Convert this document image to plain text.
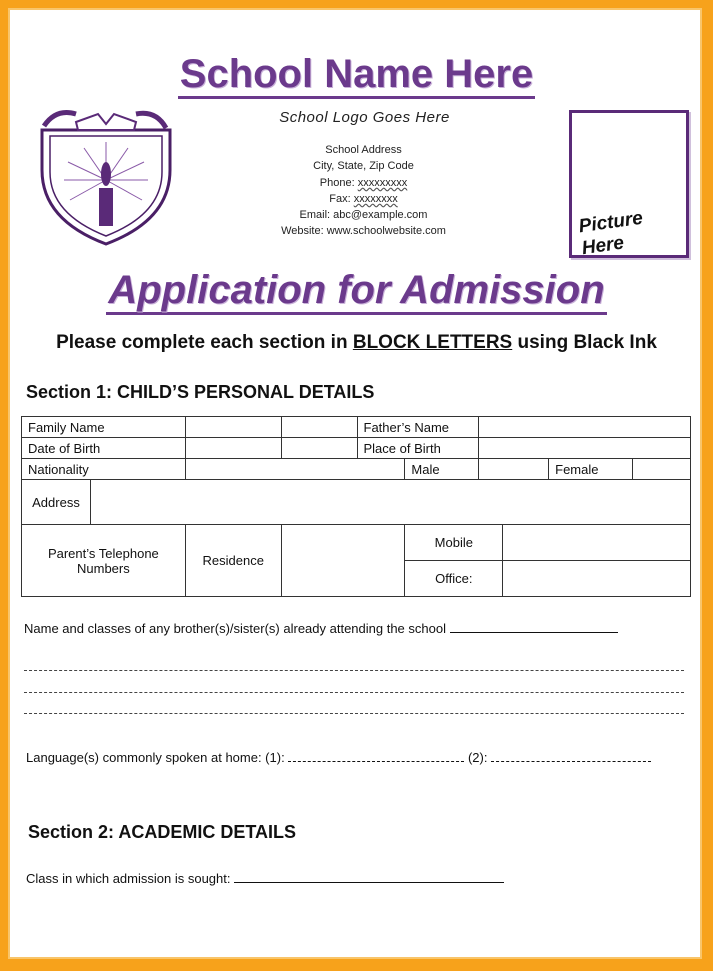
School Name Here
School Logo Goes Here
School Address
City, State, Zip Code
Phone: xxxxxxxxx
Fax: xxxxxxxx
Email: abc@example.com
Website: www.schoolwebsite.com	Picture Here
Application for Admission
Please complete each section in BLOCK LETTERS using Black Ink
Section 1: CHILD’S PERSONAL DETAILS
Family Name			Father’s Name					
Date of Birth			Place of Birth					
Nationality				Male			Female	

Address								

Parent’s Telephone Numbers	Residence			Mobile				
				Office:				
Name and classes of any brother(s)/sister(s) already attending the school
Language(s) commonly spoken at home: (1):	(2):
Section 2: ACADEMIC DETAILS
Class in which admission is sought:
